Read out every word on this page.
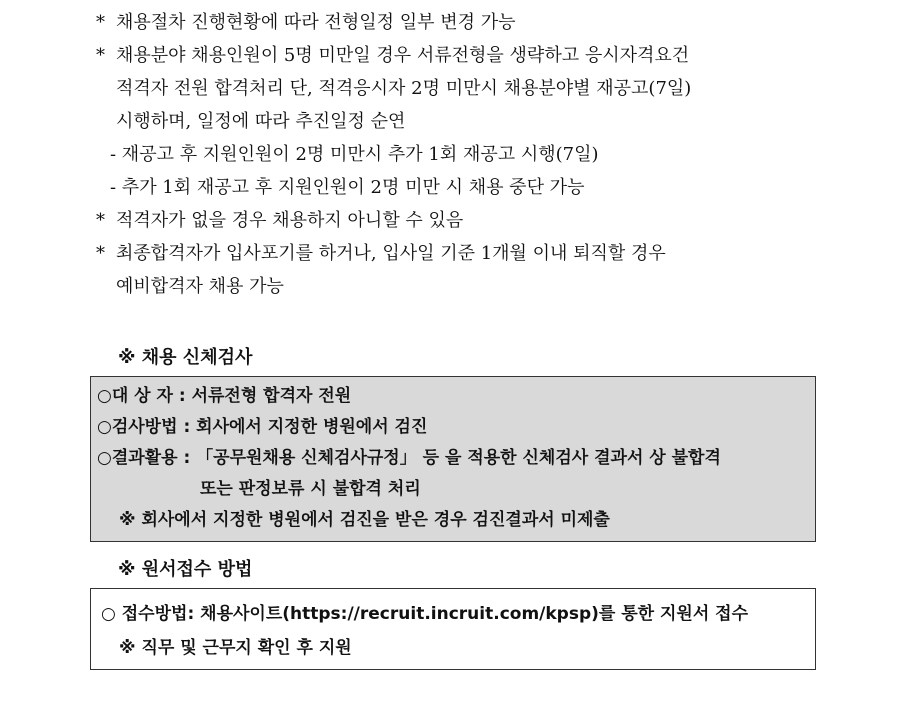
* 채용절차 진행현황에 따라 전형일정 일부 변경 가능
* 채용분야 채용인원이 5명 미만일 경우 서류전형을 생략하고 응시자격요건
적격자 전원 합격처리 단, 적격응시자 2명 미만시 채용분야별 재공고(7일)
시행하며, 일정에 따라 추진일정 순연
- 재공고 후 지원인원이 2명 미만시 추가 1회 재공고 시행(7일)
- 추가 1회 재공고 후 지원인원이 2명 미만 시 채용 중단 가능
* 적격자가 없을 경우 채용하지 아니할 수 있음
* 최종합격자가 입사포기를 하거나, 입사일 기준 1개월 이내 퇴직할 경우
예비합격자 채용 가능
※ 채용 신체검사
○대 상 자 : 서류전형 합격자 전원
○검사방법 : 회사에서 지정한 병원에서 검진
○결과활용 : 「공무원채용 신체검사규정」 등 을 적용한 신체검사 결과서 상 불합격
또는 판정보류 시 불합격 처리
※ 회사에서 지정한 병원에서 검진을 받은 경우 검진결과서 미제출
※ 원서접수 방법
○ 접수방법: 채용사이트(https://recruit.incruit.com/kpsp)를 통한 지원서 접수
※ 직무 및 근무지 확인 후 지원
